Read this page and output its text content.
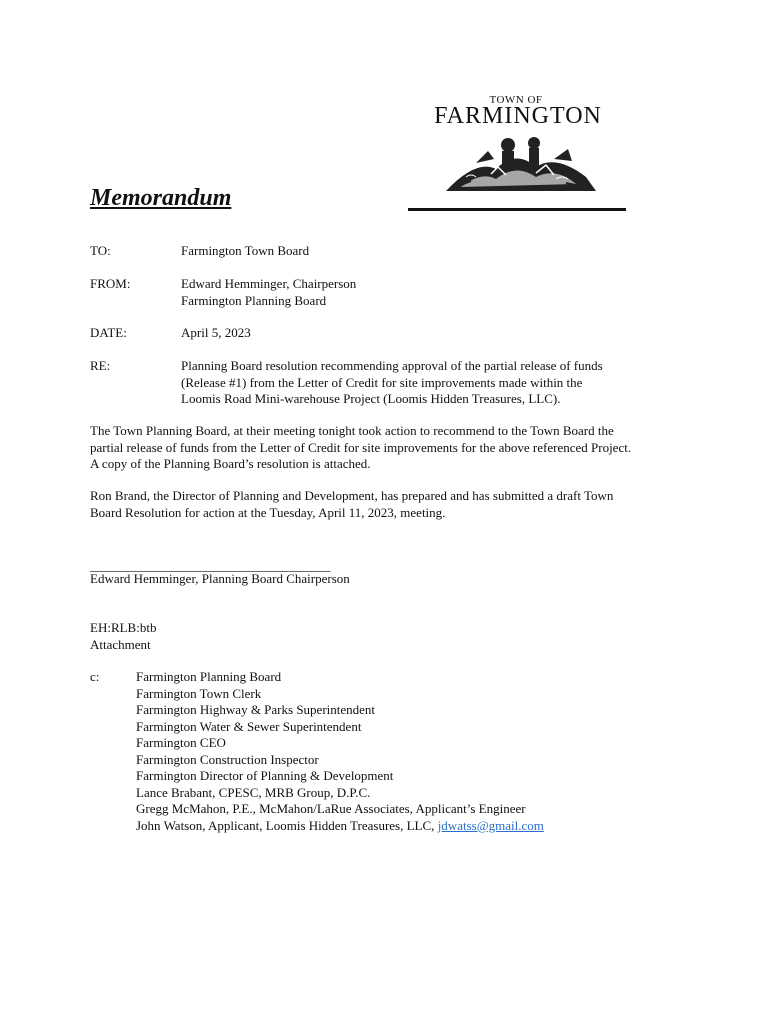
TOWN OF
FARMINGTON
Memorandum
TO:	Farmington Town Board
FROM:	Edward Hemminger, Chairperson
Farmington Planning Board
DATE:	April 5, 2023
RE:	Planning Board resolution recommending approval of the partial release of funds
(Release #1) from the Letter of Credit for site improvements made within the
Loomis Road Mini-warehouse Project (Loomis Hidden Treasures, LLC).
The Town Planning Board, at their meeting tonight took action to recommend to the Town Board the
partial release of funds from the Letter of Credit for site improvements for the above referenced Project.
A copy of the Planning Board’s resolution is attached.
Ron Brand, the Director of Planning and Development, has prepared and has submitted a draft Town
Board Resolution for action at the Tuesday, April 11, 2023, meeting.
_____________________________________
Edward Hemminger, Planning Board Chairperson
EH:RLB:btb
Attachment
c:	Farmington Planning Board
Farmington Town Clerk
Farmington Highway & Parks Superintendent
Farmington Water & Sewer Superintendent
Farmington CEO
Farmington Construction Inspector
Farmington Director of Planning & Development
Lance Brabant, CPESC, MRB Group, D.P.C.
Gregg McMahon, P.E., McMahon/LaRue Associates, Applicant’s Engineer
John Watson, Applicant, Loomis Hidden Treasures, LLC, jdwatss@gmail.com
